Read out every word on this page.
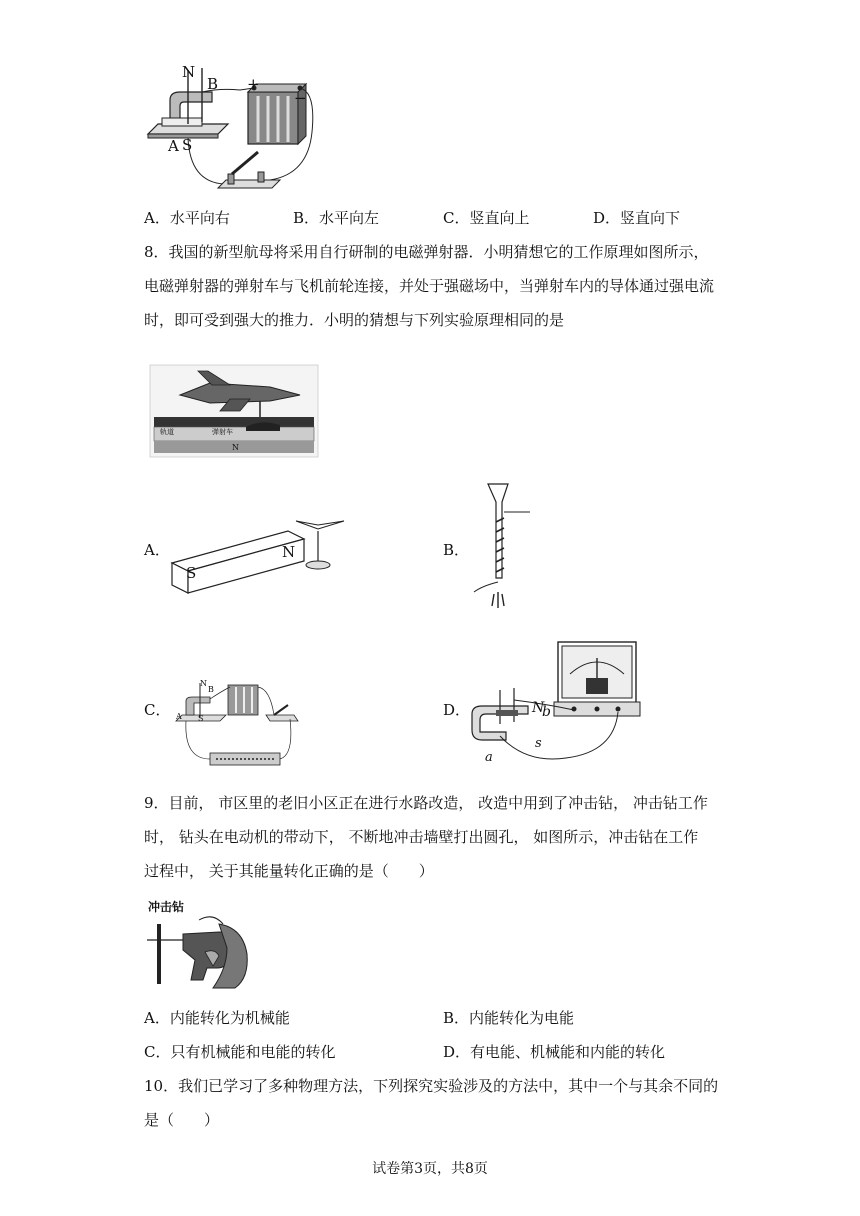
N
B
A S
+
−
A．水平向右	B．水平向左	C．竖直向上	D．竖直向下
8．我国的新型航母将采用自行研制的电磁弹射器．小明猜想它的工作原理如图所示，
电磁弹射器的弹射车与飞机前轮连接，并处于强磁场中，当弹射车内的导体通过强电流
时，即可受到强大的推力．小明的猜想与下列实验原理相同的是
轨道	弹射车
N
A．
S
N	B．
C．
N
B
A S	D．	N
b
s
a
9．目前， 市区里的老旧小区正在进行水路改造， 改造中用到了冲击钻， 冲击钻工作
时， 钻头在电动机的带动下， 不断地冲击墙壁打出圆孔， 如图所示，冲击钻在工作
过程中， 关于其能量转化正确的是（　　）
冲击钻
A．内能转化为机械能	B．内能转化为电能
C．只有机械能和电能的转化	D．有电能、机械能和内能的转化
10．我们已学习了多种物理方法，下列探究实验涉及的方法中，其中一个与其余不同的
是（　　）
试卷第3页，共8页
